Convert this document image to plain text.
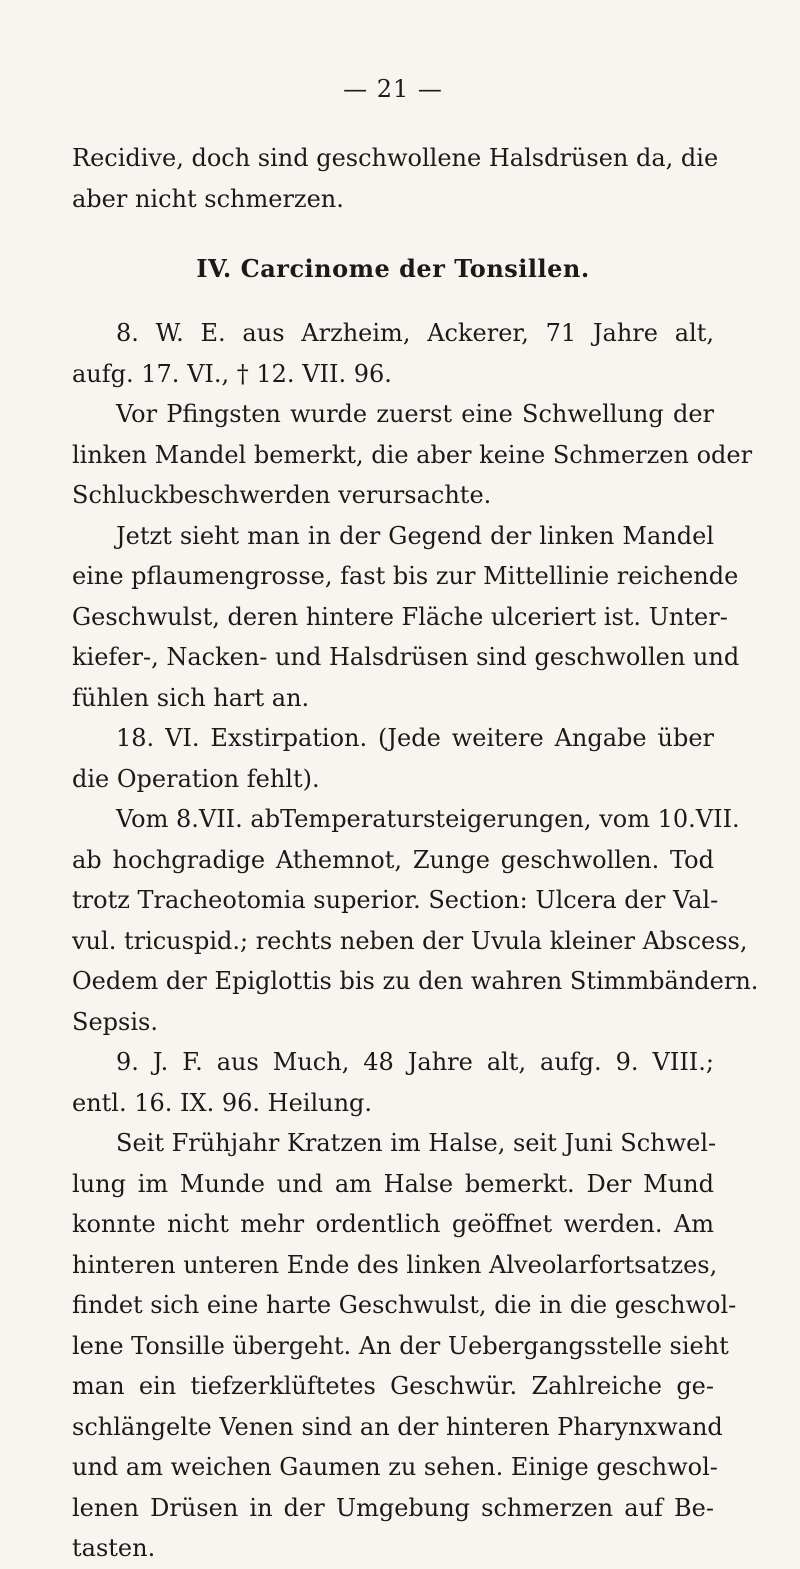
— 21 —
Recidive, doch sind geschwollene Halsdrüsen da, die
aber nicht schmerzen.
IV. Carcinome der Tonsillen.
8. W. E. aus Arzheim, Ackerer, 71 Jahre alt,
aufg. 17. VI., † 12. VII. 96.
Vor Pfingsten wurde zuerst eine Schwellung der
linken Mandel bemerkt, die aber keine Schmerzen oder
Schluckbeschwerden verursachte.
Jetzt sieht man in der Gegend der linken Mandel
eine pflaumengrosse, fast bis zur Mittellinie reichende
Geschwulst, deren hintere Fläche ulceriert ist. Unter-
kiefer-, Nacken- und Halsdrüsen sind geschwollen und
fühlen sich hart an.
18. VI. Exstirpation. (Jede weitere Angabe über
die Operation fehlt).
Vom 8.VII. abTemperatursteigerungen, vom 10.VII.
ab hochgradige Athemnot, Zunge geschwollen. Tod
trotz Tracheotomia superior. Section: Ulcera der Val-
vul. tricuspid.; rechts neben der Uvula kleiner Abscess,
Oedem der Epiglottis bis zu den wahren Stimmbändern.
Sepsis.
9. J. F. aus Much, 48 Jahre alt, aufg. 9. VIII.;
entl. 16. IX. 96. Heilung.
Seit Frühjahr Kratzen im Halse, seit Juni Schwel-
lung im Munde und am Halse bemerkt. Der Mund
konnte nicht mehr ordentlich geöffnet werden. Am
hinteren unteren Ende des linken Alveolarfortsatzes,
findet sich eine harte Geschwulst, die in die geschwol-
lene Tonsille übergeht. An der Uebergangsstelle sieht
man ein tiefzerklüftetes Geschwür. Zahlreiche ge-
schlängelte Venen sind an der hinteren Pharynxwand
und am weichen Gaumen zu sehen. Einige geschwol-
lenen Drüsen in der Umgebung schmerzen auf Be-
tasten.
